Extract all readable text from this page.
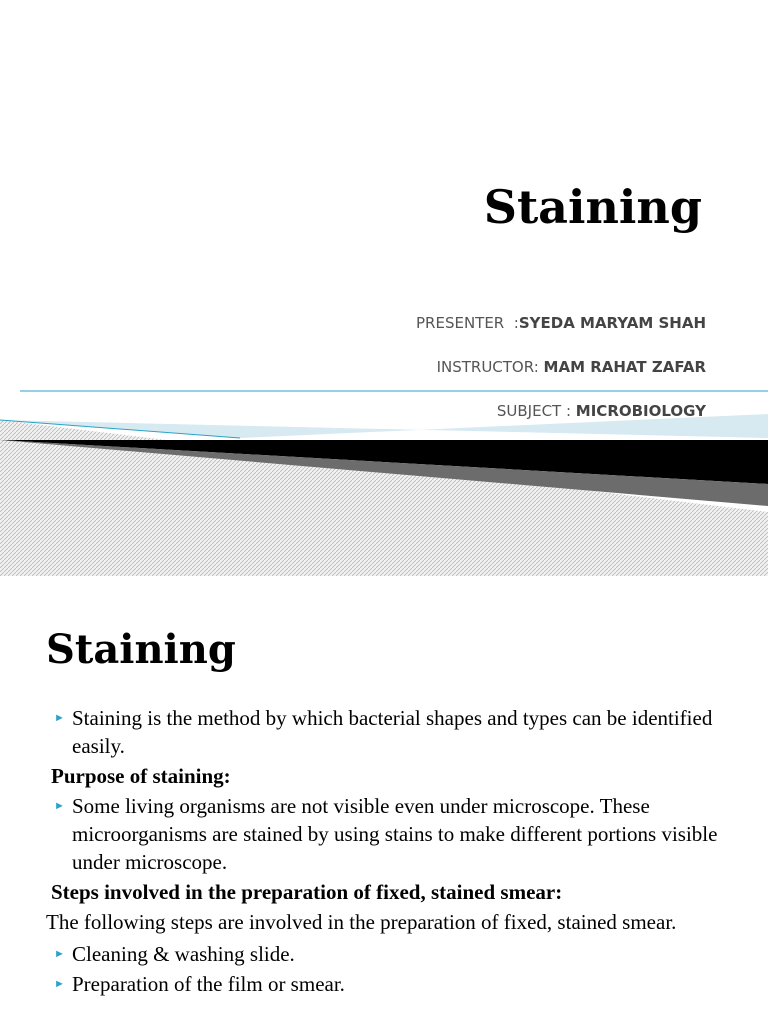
Staining
PRESENTER  :SYEDA MARYAM SHAH
INSTRUCTOR: MAM RAHAT ZAFAR
SUBJECT : MICROBIOLOGY
Staining
► Staining is the method by which bacterial shapes and types can be identified easily.
Purpose of staining:
► Some living organisms are not visible even under microscope. These microorganisms are stained by using stains to make different portions visible under microscope.
Steps involved in the preparation of fixed, stained smear:
The following steps are involved in the preparation of fixed, stained smear.
► Cleaning & washing slide.
► Preparation of the film or smear.
